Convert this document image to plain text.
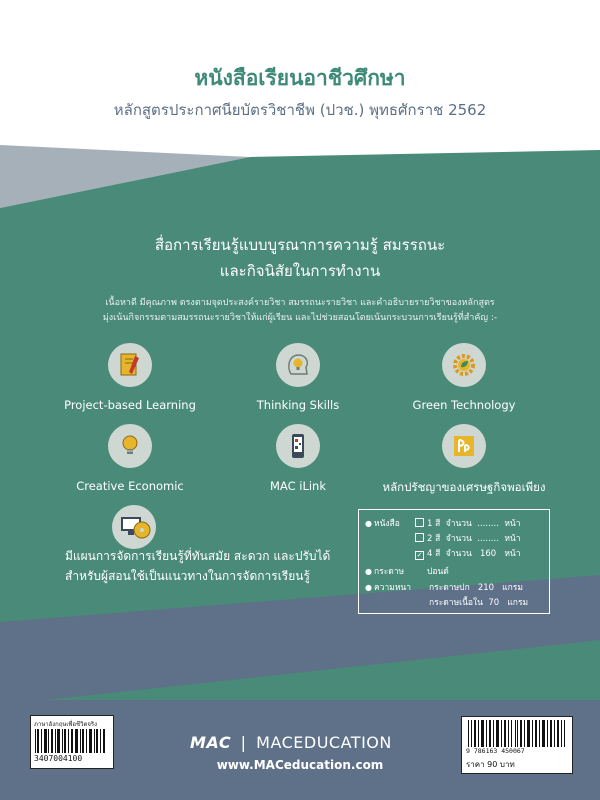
หนังสือเรียนอาชีวศึกษา
หลักสูตรประกาศนียบัตรวิชาชีพ (ปวช.) พุทธศักราช 2562
สื่อการเรียนรู้แบบบูรณาการความรู้ สมรรถนะ
และกิจนิสัยในการทำงาน
เนื้อหาดี มีคุณภาพ ตรงตามจุดประสงค์รายวิชา สมรรถนะรายวิชา และคำอธิบายรายวิชาของหลักสูตร
มุ่งเน้นกิจกรรมตามสมรรถนะรายวิชาให้แก่ผู้เรียน และไปช่วยสอนโดยเน้นกระบวนการเรียนรู้ที่สำคัญ :-
Project-based Learning	Thinking Skills	Green Technology
Creative Economic	MAC iLink	หลักปรัชญาของเศรษฐกิจพอเพียง
มีแผนการจัดการเรียนรู้ที่ทันสมัย สะดวก และปรับได้
สำหรับผู้สอนใช้เป็นแนวทางในการจัดการเรียนรู้
● หนังสือ	1 สี จำนวน ........ หน้า
2 สี จำนวน ........ หน้า
✓ 4 สี จำนวน 160 หน้า
● กระดาษ	ปอนด์
● ความหนา กระดาษปก 210 แกรม
กระดาษเนื้อใน 70 แกรม
ภาษาอังกฤษเพื่อชีวิตจริง
3407004100
MAC | MACEDUCATION
www.MACeducation.com
9 786163 450067
ราคา 90 บาท
